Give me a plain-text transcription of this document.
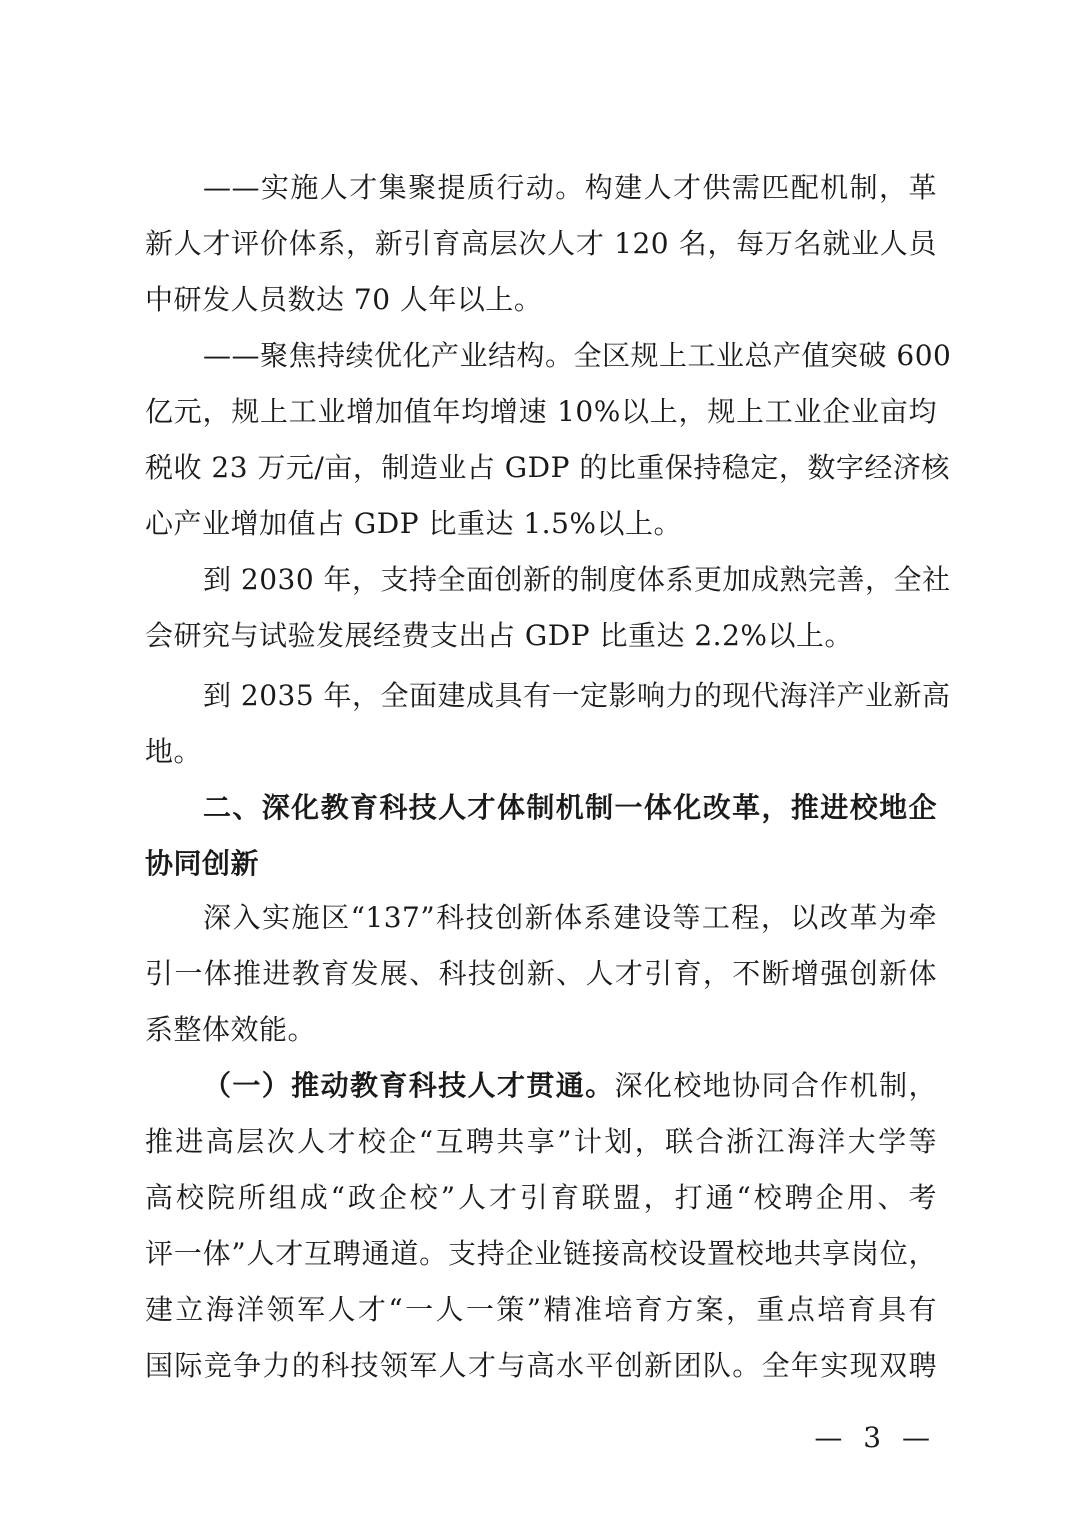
——实施人才集聚提质行动。构建人才供需匹配机制，革
新人才评价体系，新引育高层次人才 120 名，每万名就业人员
中研发人员数达 70 人年以上。
——聚焦持续优化产业结构。全区规上工业总产值突破 600
亿元，规上工业增加值年均增速 10%以上，规上工业企业亩均
税收 23 万元/亩，制造业占 GDP 的比重保持稳定，数字经济核
心产业增加值占 GDP 比重达 1.5%以上。
到 2030 年，支持全面创新的制度体系更加成熟完善，全社
会研究与试验发展经费支出占 GDP 比重达 2.2%以上。
到 2035 年，全面建成具有一定影响力的现代海洋产业新高
地。
二、深化教育科技人才体制机制一体化改革，推进校地企
协同创新
深入实施区“137”科技创新体系建设等工程，以改革为牵
引一体推进教育发展、科技创新、人才引育，不断增强创新体
系整体效能。
（一）推动教育科技人才贯通。深化校地协同合作机制，
推进高层次人才校企“互聘共享”计划，联合浙江海洋大学等
高校院所组成“政企校”人才引育联盟，打通“校聘企用、考
评一体”人才互聘通道。支持企业链接高校设置校地共享岗位，
建立海洋领军人才“一人一策”精准培育方案，重点培育具有
国际竞争力的科技领军人才与高水平创新团队。全年实现双聘
— 3 —
